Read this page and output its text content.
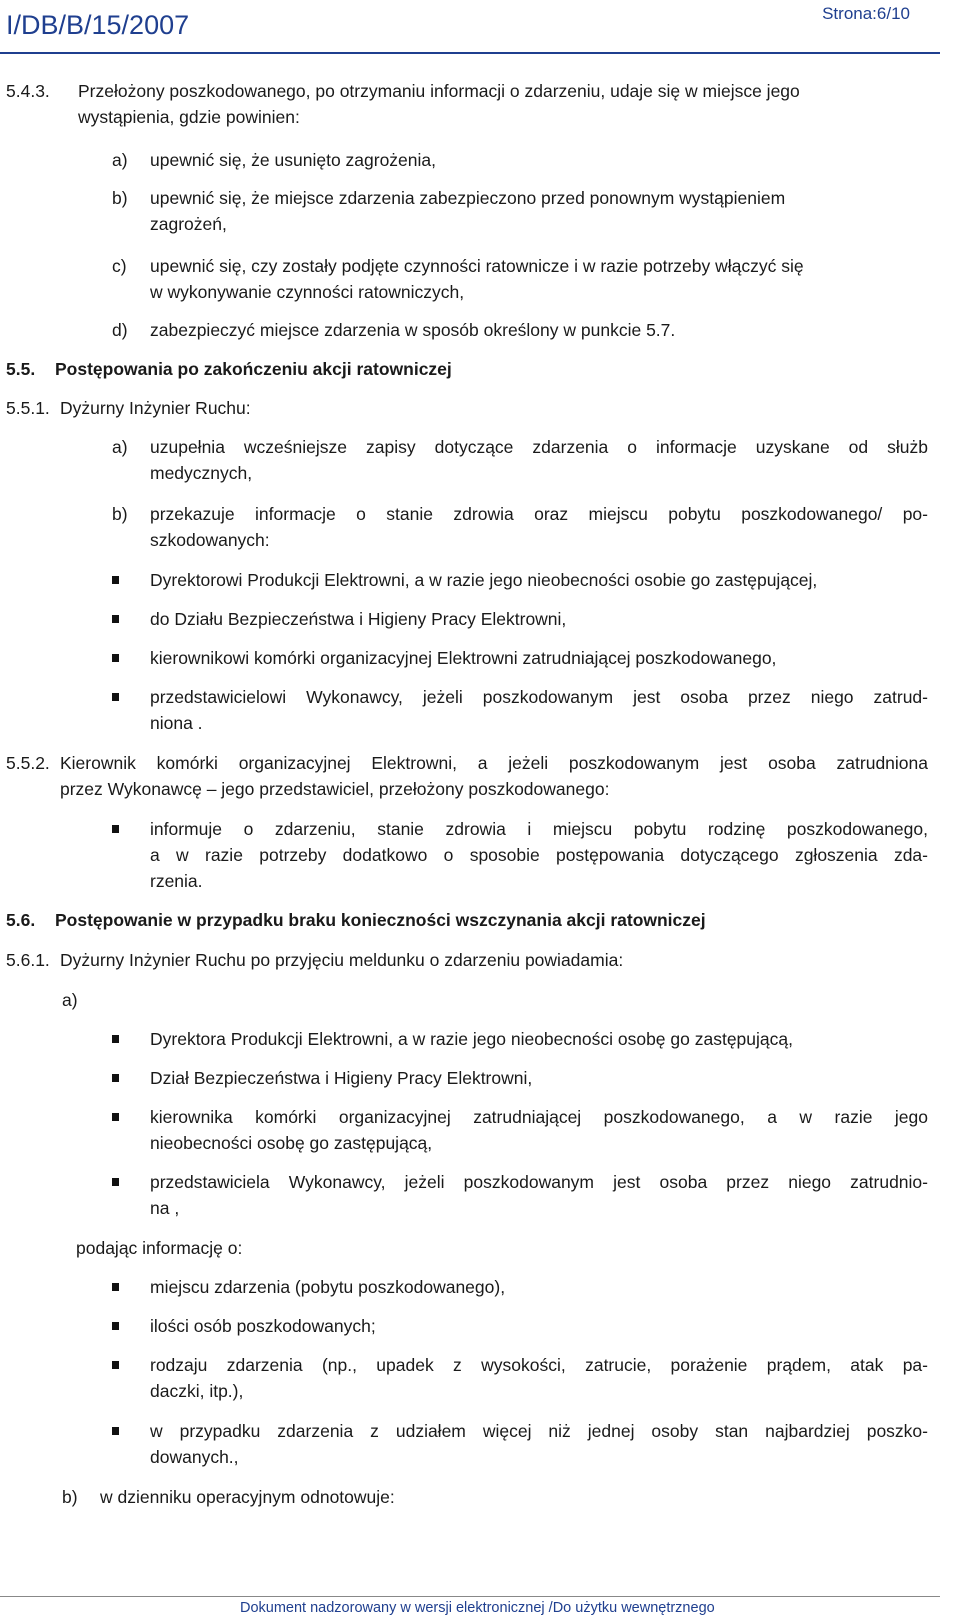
I/DB/B/15/2007	Strona:6/10
5.4.3. Przełożony poszkodowanego, po otrzymaniu informacji o zdarzeniu, udaje się w miejsce jego
wystąpienia, gdzie powinien:
a) upewnić się, że usunięto zagrożenia,
b) upewnić się, że miejsce zdarzenia zabezpieczono przed ponownym wystąpieniem
zagrożeń,
c) upewnić się, czy zostały podjęte czynności ratownicze i w razie potrzeby włączyć się
w wykonywanie czynności ratowniczych,
d) zabezpieczyć miejsce zdarzenia w sposób określony w punkcie 5.7.
5.5. Postępowania po zakończeniu akcji ratowniczej
5.5.1. Dyżurny Inżynier Ruchu:
a) uzupełnia wcześniejsze zapisy dotyczące zdarzenia o informacje uzyskane od służb
medycznych,
b) przekazuje informacje o stanie zdrowia oraz miejscu pobytu poszkodowanego/ po-
szkodowanych:
Dyrektorowi Produkcji Elektrowni, a w razie jego nieobecności osobie go zastępującej,
do Działu Bezpieczeństwa i Higieny Pracy Elektrowni,
kierownikowi komórki organizacyjnej Elektrowni zatrudniającej poszkodowanego,
przedstawicielowi Wykonawcy, jeżeli poszkodowanym jest osoba przez niego zatrud-
niona .
5.5.2. Kierownik komórki organizacyjnej Elektrowni, a jeżeli poszkodowanym jest osoba zatrudniona
przez Wykonawcę – jego przedstawiciel, przełożony poszkodowanego:
informuje o zdarzeniu, stanie zdrowia i miejscu pobytu rodzinę poszkodowanego,
a w razie potrzeby dodatkowo o sposobie postępowania dotyczącego zgłoszenia zda-
rzenia.
5.6. Postępowanie w przypadku braku konieczności wszczynania akcji ratowniczej
5.6.1. Dyżurny Inżynier Ruchu po przyjęciu meldunku o zdarzeniu powiadamia:
a)
Dyrektora Produkcji Elektrowni, a w razie jego nieobecności osobę go zastępującą,
Dział Bezpieczeństwa i Higieny Pracy Elektrowni,
kierownika komórki organizacyjnej zatrudniającej poszkodowanego, a w razie jego
nieobecności osobę go zastępującą,
przedstawiciela Wykonawcy, jeżeli poszkodowanym jest osoba przez niego zatrudnio-
na ,
podając informację o:
miejscu zdarzenia (pobytu poszkodowanego),
ilości osób poszkodowanych;
rodzaju zdarzenia (np., upadek z wysokości, zatrucie, porażenie prądem, atak pa-
daczki, itp.),
w przypadku zdarzenia z udziałem więcej niż jednej osoby stan najbardziej poszko-
dowanych.,
b) w dzienniku operacyjnym odnotowuje:
Dokument nadzorowany w wersji elektronicznej /Do użytku wewnętrznego
